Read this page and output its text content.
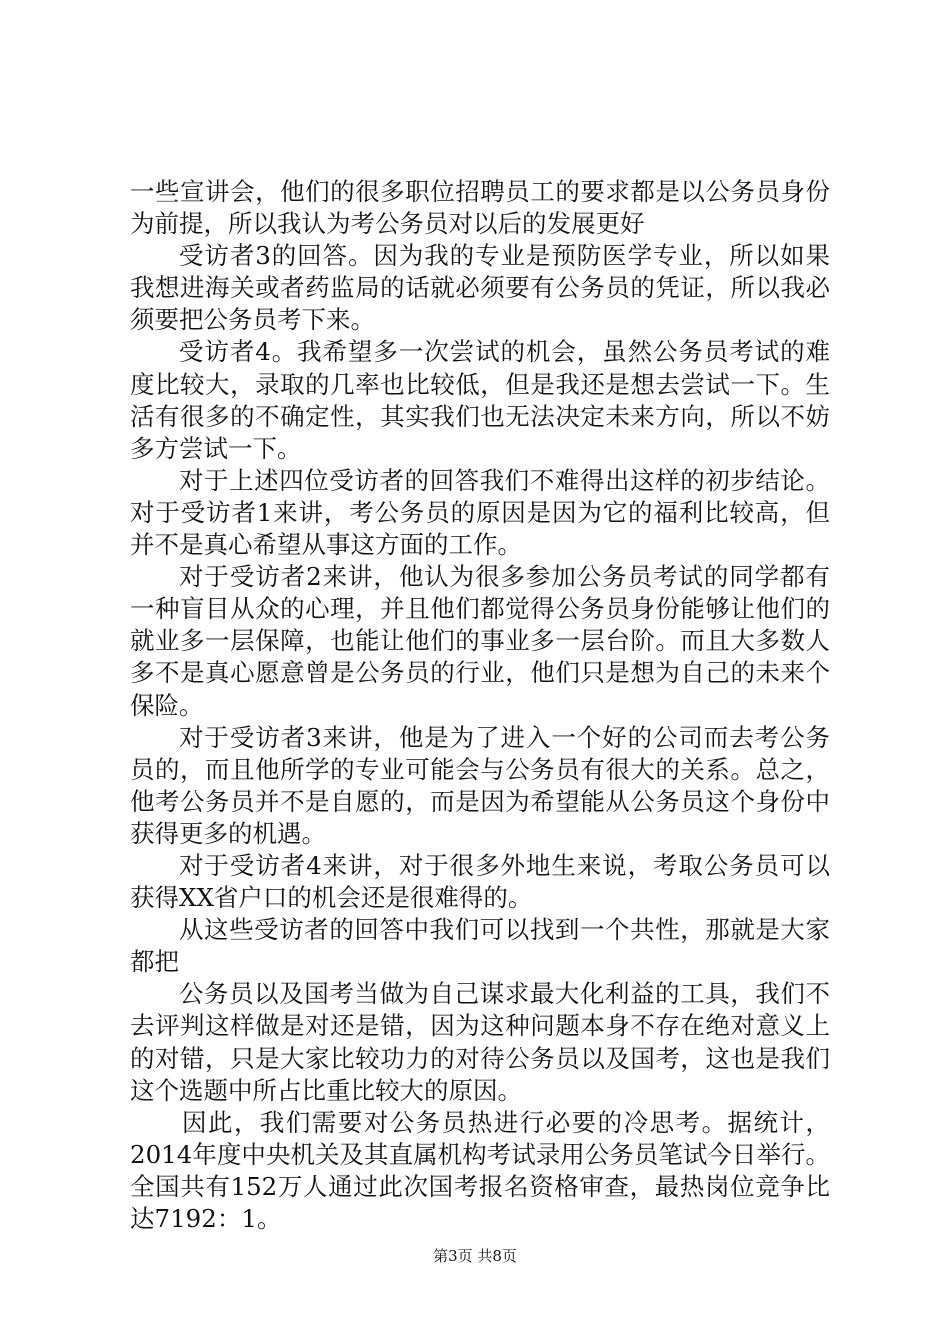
一些宣讲会，他们的很多职位招聘员工的要求都是以公务员身份为前提，所以我认为考公务员对以后的发展更好

受访者3的回答。因为我的专业是预防医学专业，所以如果我想进海关或者药监局的话就必须要有公务员的凭证，所以我必须要把公务员考下来。

受访者4。我希望多一次尝试的机会，虽然公务员考试的难度比较大，录取的几率也比较低，但是我还是想去尝试一下。生活有很多的不确定性，其实我们也无法决定未来方向，所以不妨多方尝试一下。

对于上述四位受访者的回答我们不难得出这样的初步结论。对于受访者1来讲，考公务员的原因是因为它的福利比较高，但并不是真心希望从事这方面的工作。

对于受访者2来讲，他认为很多参加公务员考试的同学都有一种盲目从众的心理，并且他们都觉得公务员身份能够让他们的就业多一层保障，也能让他们的事业多一层台阶。而且大多数人多不是真心愿意曾是公务员的行业，他们只是想为自己的未来个保险。

对于受访者3来讲，他是为了进入一个好的公司而去考公务员的，而且他所学的专业可能会与公务员有很大的关系。总之，他考公务员并不是自愿的，而是因为希望能从公务员这个身份中获得更多的机遇。

对于受访者4来讲，对于很多外地生来说，考取公务员可以获得XX省户口的机会还是很难得的。

从这些受访者的回答中我们可以找到一个共性，那就是大家都把

公务员以及国考当做为自己谋求最大化利益的工具，我们不去评判这样做是对还是错，因为这种问题本身不存在绝对意义上的对错，只是大家比较功力的对待公务员以及国考，这也是我们这个选题中所占比重比较大的原因。

因此，我们需要对公务员热进行必要的冷思考。据统计，2014年度中央机关及其直属机构考试录用公务员笔试今日举行。全国共有152万人通过此次国考报名资格审查，最热岗位竞争比达7192：1。

第3页 共8页
